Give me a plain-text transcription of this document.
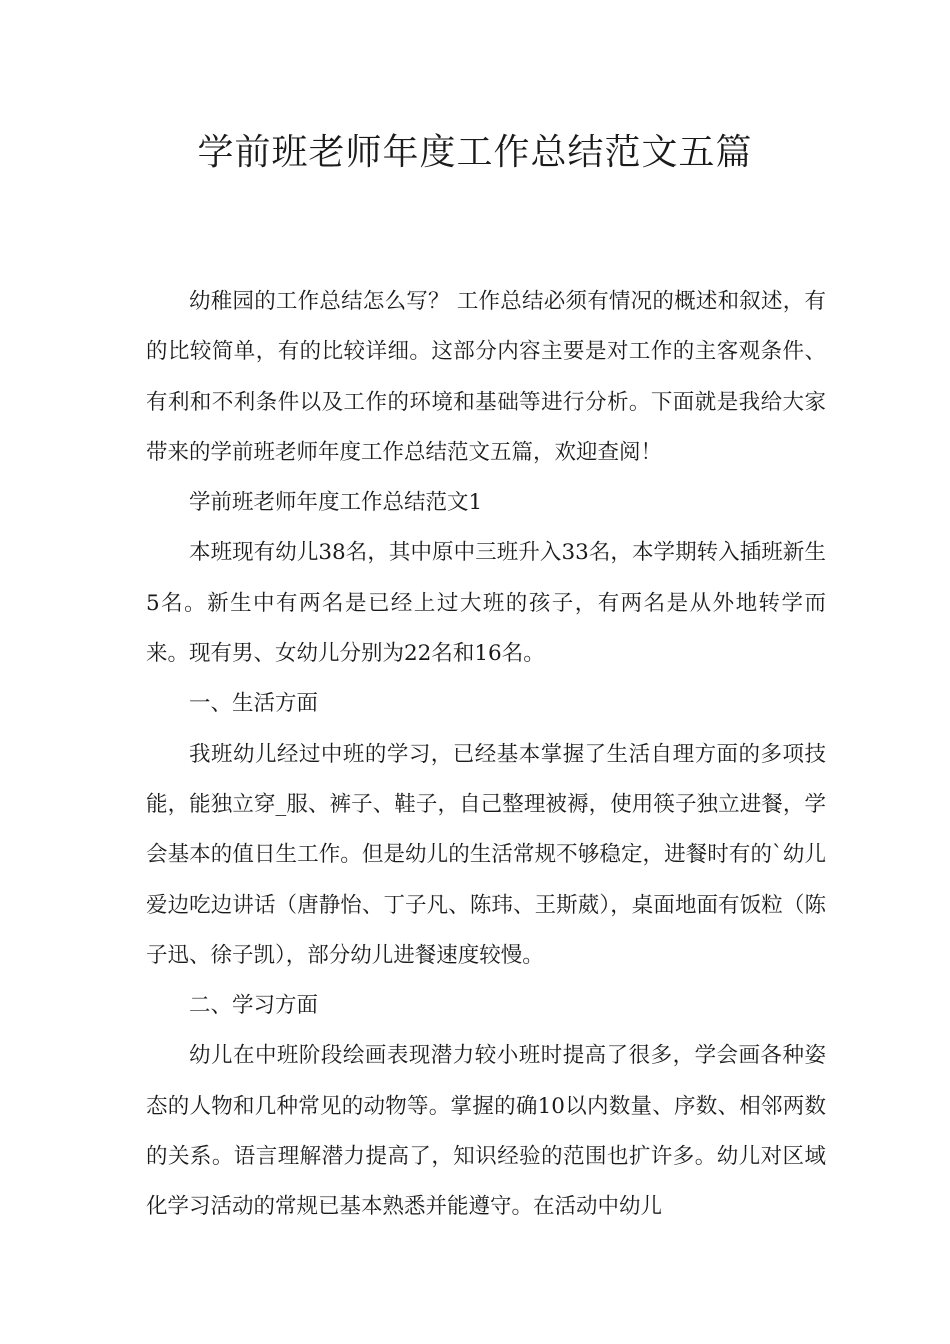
学前班老师年度工作总结范文五篇

幼稚园的工作总结怎么写？ 工作总结必须有情况的概述和叙述，有的比较简单，有的比较详细。这部分内容主要是对工作的主客观条件、有利和不利条件以及工作的环境和基础等进行分析。下面就是我给大家带来的学前班老师年度工作总结范文五篇，欢迎查阅！

学前班老师年度工作总结范文1

本班现有幼儿38名，其中原中三班升入33名，本学期转入插班新生5名。新生中有两名是已经上过大班的孩子，有两名是从外地转学而来。现有男、女幼儿分别为22名和16名。

一、生活方面

我班幼儿经过中班的学习，已经基本掌握了生活自理方面的多项技能，能独立穿_服、裤子、鞋子，自己整理被褥，使用筷子独立进餐，学会基本的值日生工作。但是幼儿的生活常规不够稳定，进餐时有的`幼儿爱边吃边讲话（唐静怡、丁子凡、陈玮、王斯葳），桌面地面有饭粒（陈子迅、徐子凯），部分幼儿进餐速度较慢。

二、学习方面

幼儿在中班阶段绘画表现潜力较小班时提高了很多，学会画各种姿态的人物和几种常见的动物等。掌握的确10以内数量、序数、相邻两数的关系。语言理解潜力提高了，知识经验的范围也扩许多。幼儿对区域化学习活动的常规已基本熟悉并能遵守。在活动中幼儿
